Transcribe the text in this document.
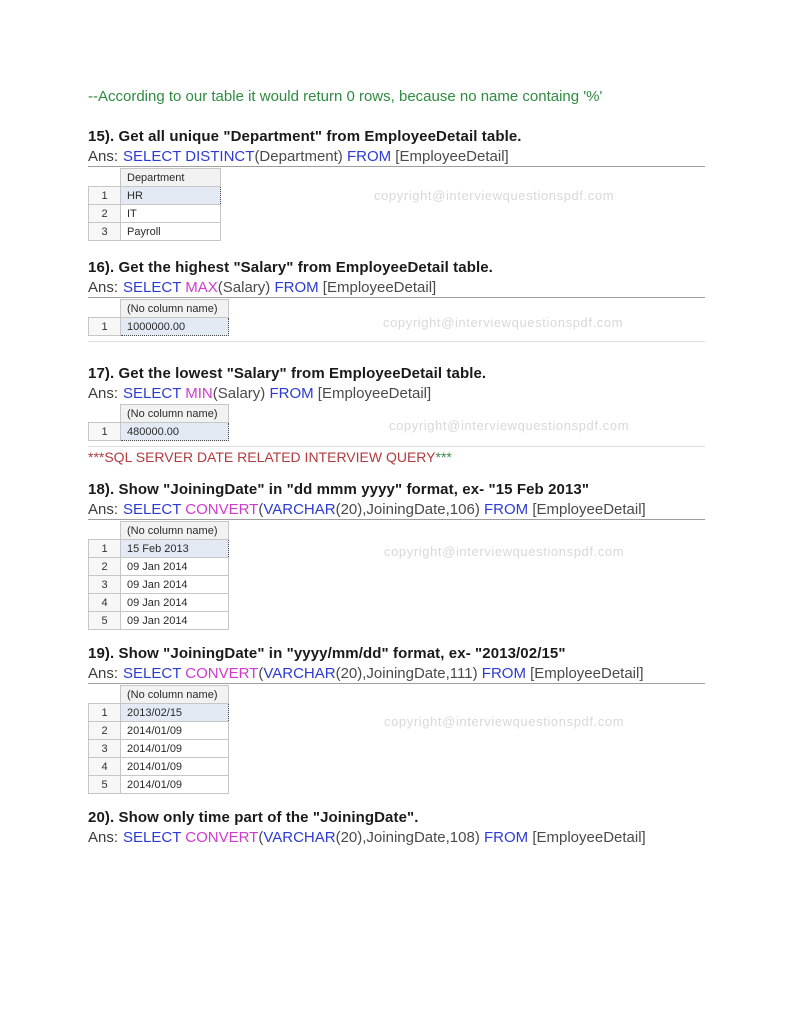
copyright@interviewquestionspdf.com
copyright@interviewquestionspdf.com
copyright@interviewquestionspdf.com
copyright@interviewquestionspdf.com
copyright@interviewquestionspdf.com

--According to our table it would return 0 rows, because no name containg '%'

15). Get all unique "Department" from EmployeeDetail table.

Ans: SELECT DISTINCT(Department) FROM [EmployeeDetail]

	Department
1	HR
2	IT
3	Payroll
16). Get the highest "Salary" from EmployeeDetail table.

Ans: SELECT MAX(Salary) FROM [EmployeeDetail]

	(No column name)
1	1000000.00
17). Get the lowest "Salary" from EmployeeDetail table.

Ans: SELECT MIN(Salary) FROM [EmployeeDetail]

	(No column name)
1	480000.00

***SQL SERVER DATE RELATED INTERVIEW QUERY***

18). Show "JoiningDate" in "dd mmm yyyy" format, ex- "15 Feb 2013"

Ans: SELECT CONVERT(VARCHAR(20),JoiningDate,106) FROM [EmployeeDetail]

	(No column name)
1	15 Feb 2013
2	09 Jan 2014
3	09 Jan 2014
4	09 Jan 2014
5	09 Jan 2014
19). Show "JoiningDate" in "yyyy/mm/dd" format, ex- "2013/02/15"

Ans: SELECT CONVERT(VARCHAR(20),JoiningDate,111) FROM [EmployeeDetail]

	(No column name)
1	2013/02/15
2	2014/01/09
3	2014/01/09
4	2014/01/09
5	2014/01/09
20). Show only time part of the "JoiningDate".

Ans: SELECT CONVERT(VARCHAR(20),JoiningDate,108) FROM [EmployeeDetail]
